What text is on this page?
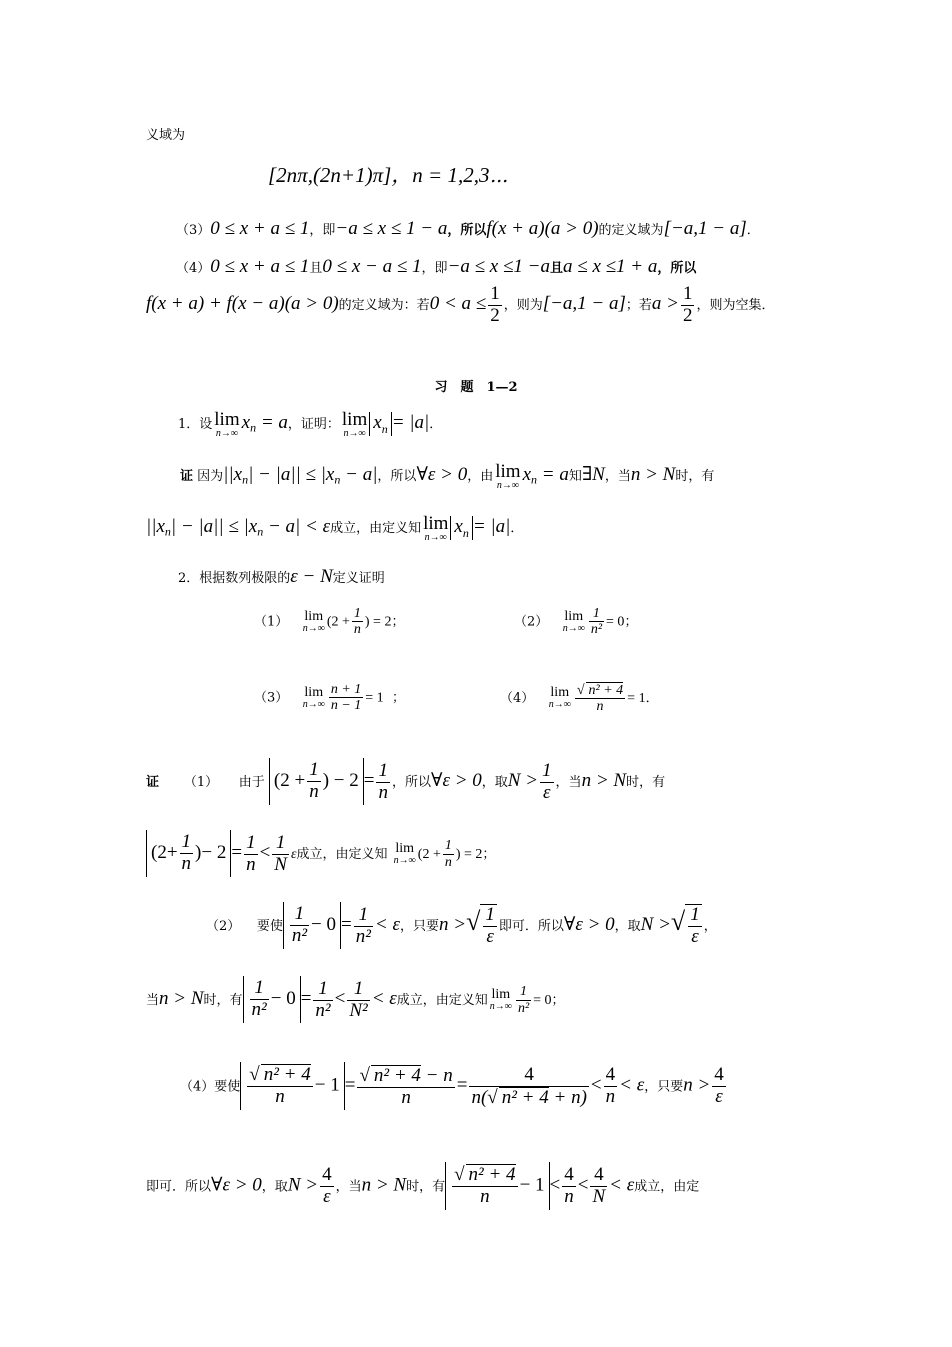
义域为
[2nπ,(2n+1)π]，n = 1,2,3⋯
（3）0 ≤ x + a ≤ 1，即−a ≤ x ≤ 1 − a，所以f(x + a)(a > 0)的定义域为[−a,1 − a]．
（4）0 ≤ x + a ≤ 1且0 ≤ x − a ≤ 1，即−a ≤ x ≤1 −a且a ≤ x ≤1 + a，所以
f(x + a) + f(x − a)(a > 0)的定义域为：若$0 < a \le \frac{1}{2}$ ，则为[−a,1 − a]；若$a > \frac{1}{2}$ ，则为空集．
习　题　1—2
1．设 lim
n→∞
$x_n = a$，证明： lim
n→∞
$x_n = |a|$．
证 因为$||x_n| - |a|| \le |x_n - a|$，所以∀ε > 0，由 lim
n→∞
$x_n = a$知∃N，当n > N时，有
$||x_n| - |a|| \le |x_n - a| < \varepsilon$成立，由定义知 lim
n→∞
$x_n = |a|$．
2．根据数列极限的ε − N定义证明
（1） lim
n→∞ ($2 + \frac{1}{n}$ ) = 2；	（2） lim
$n\to\infty \frac{1}{\text{n²}} = 0$；
（3） lim
$n\to\infty \frac{n + 1}{n - 1} = 1$ ；	（4） lim
$n\to\infty \frac{\text{√ n² + 4}}{n} = 1$．
证 （1） 由于 ($2 + \frac{1}{n}$ ) − $2 = \frac{1}{n}$ ，所以∀ε > 0，取$N > \frac{1}{\varepsilon}$ ，当n > N时，有
($2+ \frac{1}{n}$ )− $2 = \frac{1}{n} < \frac{1}{N}$ ε成立，由定义知 lim
n→∞ ($2 + \frac{1}{n}$ ) = 2；
（2） 要使 $\frac{1}{\text{n²}} - 0 = \frac{1}{\text{n²}} < \varepsilon$，只要n >√ $\frac{1}{\varepsilon}$ 即可．所以∀ε > 0，取N >√ $\frac{1}{\varepsilon}$ ，
当n > N时，有 $\frac{1}{\text{n²}} - 0 = \frac{1}{\text{n²}} < \frac{1}{\text{N²}} < \varepsilon$成立，由定义知 lim
$n\to\infty \frac{1}{\text{n²}} = 0$；
（4）要使 $\frac{\text{√ n² + 4}}{n} - 1 = \frac{\text{√ n² + 4 − n}}{n} = \frac{4}{\text{n(√ n² + 4 + n)}} < \frac{4}{n} < \varepsilon$，只要$n > \frac{4}{\varepsilon}$
即可．所以∀ε > 0，取$N > \frac{4}{\varepsilon}$ ，当n > N时，有 $\frac{\text{√ n² + 4}}{n} - 1 < \frac{4}{n} < \frac{4}{N} < \varepsilon$成立，由定
